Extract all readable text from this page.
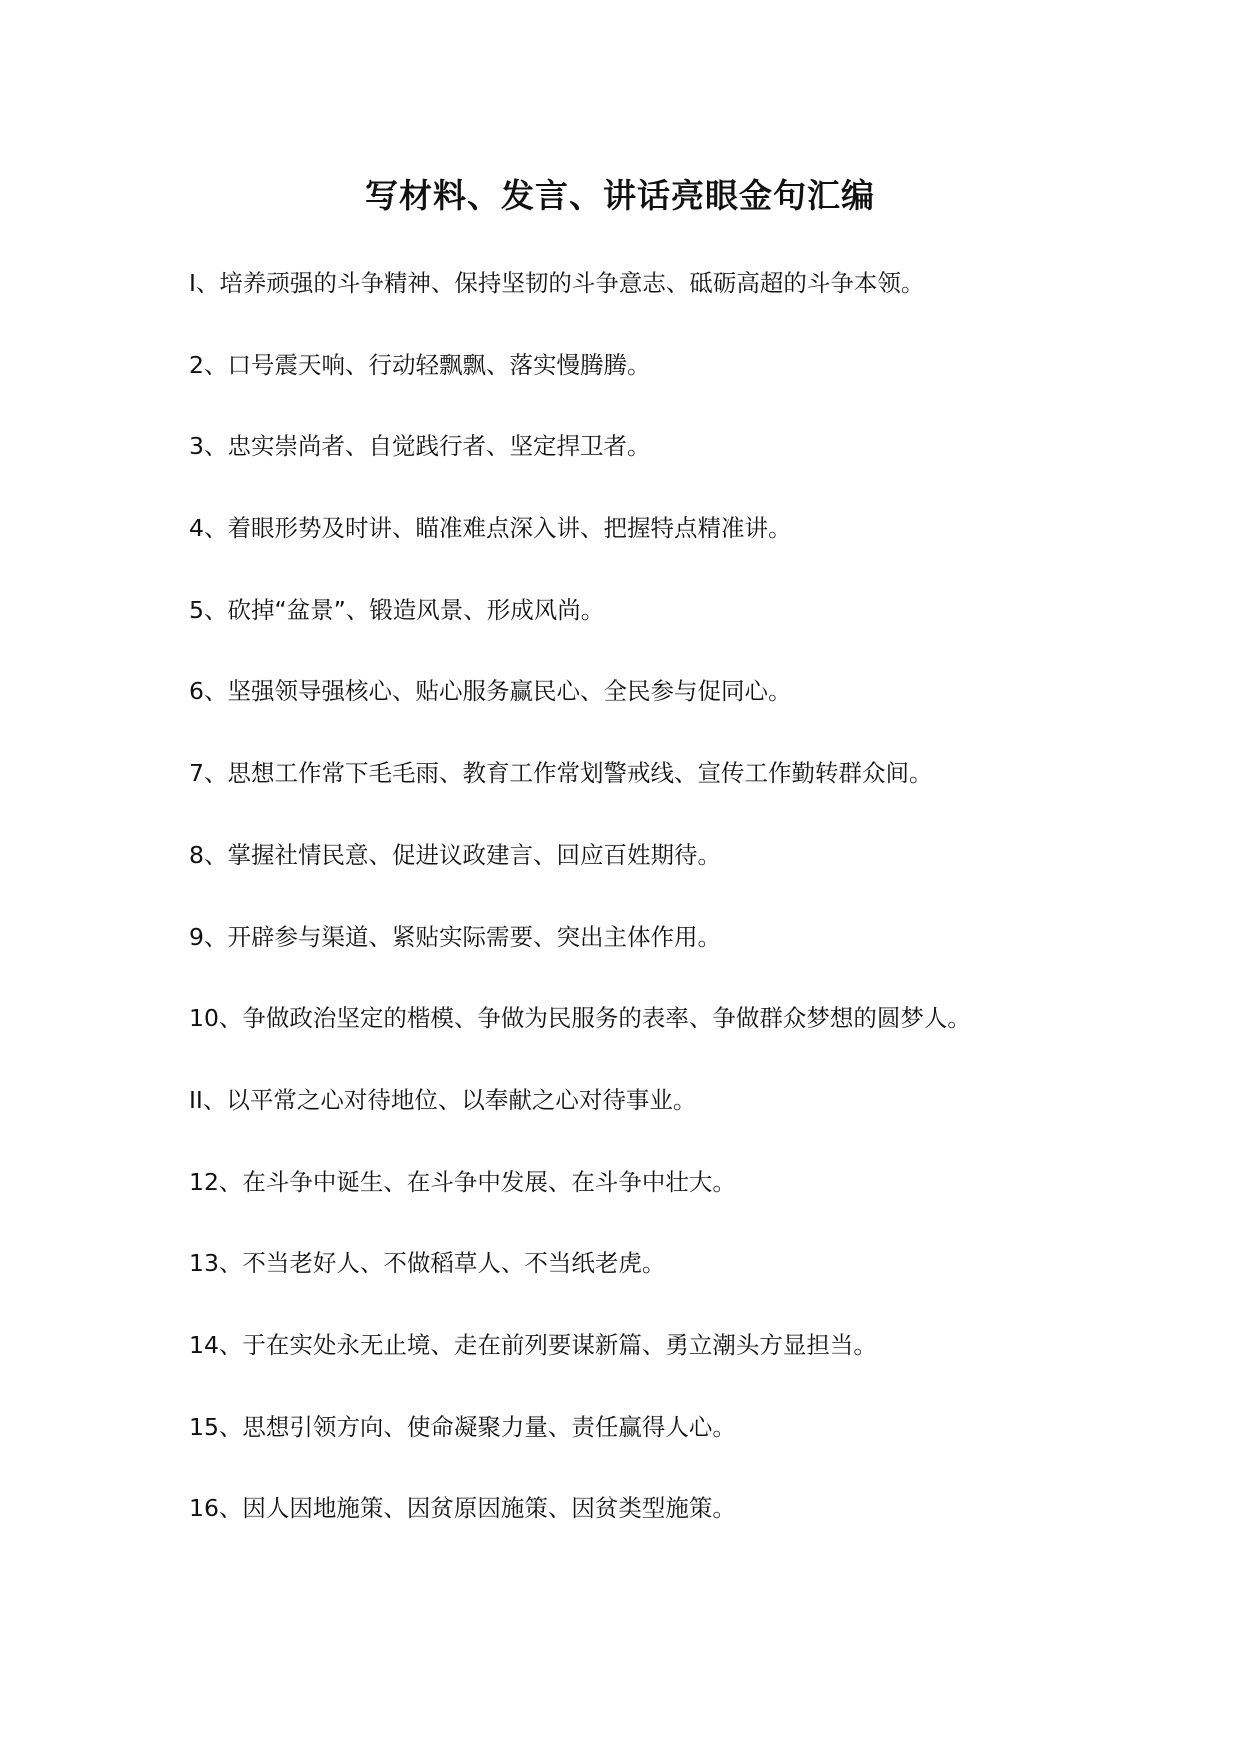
写材料、发言、讲话亮眼金句汇编
I、培养顽强的斗争精神、保持坚韧的斗争意志、砥砺高超的斗争本领。
2、口号震天响、行动轻飘飘、落实慢腾腾。
3、忠实崇尚者、自觉践行者、坚定捍卫者。
4、着眼形势及时讲、瞄准难点深入讲、把握特点精准讲。
5、砍掉“盆景”、锻造风景、形成风尚。
6、坚强领导强核心、贴心服务赢民心、全民参与促同心。
7、思想工作常下毛毛雨、教育工作常划警戒线、宣传工作勤转群众间。
8、掌握社情民意、促进议政建言、回应百姓期待。
9、开辟参与渠道、紧贴实际需要、突出主体作用。
10、争做政治坚定的楷模、争做为民服务的表率、争做群众梦想的圆梦人。
II、以平常之心对待地位、以奉献之心对待事业。
12、在斗争中诞生、在斗争中发展、在斗争中壮大。
13、不当老好人、不做稻草人、不当纸老虎。
14、于在实处永无止境、走在前列要谋新篇、勇立潮头方显担当。
15、思想引领方向、使命凝聚力量、责任赢得人心。
16、因人因地施策、因贫原因施策、因贫类型施策。
